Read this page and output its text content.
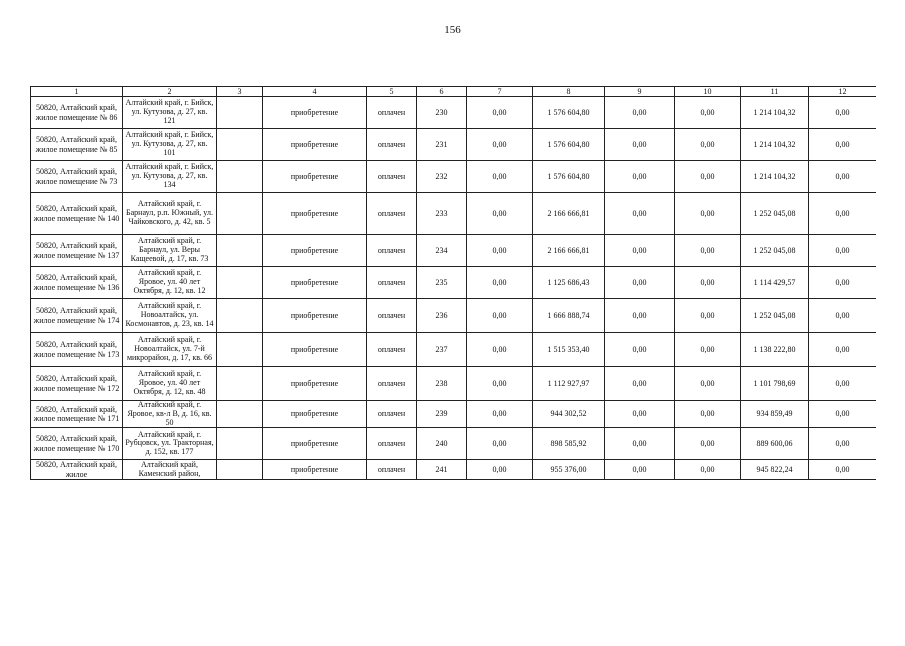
156
1	2	3	4	5	6	7	8	9	10	11	12
50820, Алтайский край, жилое помещение № 86	Алтайский край, г. Бийск, ул. Кутузова, д. 27, кв. 121		приобретение	оплачен	230	0,00	1 576 604,80	0,00	0,00	1 214 104,32	0,00
50820, Алтайский край, жилое помещение № 85	Алтайский край, г. Бийск, ул. Кутузова, д. 27, кв. 101		приобретение	оплачен	231	0,00	1 576 604,80	0,00	0,00	1 214 104,32	0,00
50820, Алтайский край, жилое помещение № 73	Алтайский край, г. Бийск, ул. Кутузова, д. 27, кв. 134		приобретение	оплачен	232	0,00	1 576 604,80	0,00	0,00	1 214 104,32	0,00
50820, Алтайский край, жилое помещение № 140	Алтайский край, г. Барнаул, р.п. Южный, ул. Чайковского, д. 42, кв. 5		приобретение	оплачен	233	0,00	2 166 666,81	0,00	0,00	1 252 045,08	0,00
50820, Алтайский край, жилое помещение № 137	Алтайский край, г. Барнаул, ул. Веры Кащеевой, д. 17, кв. 73		приобретение	оплачен	234	0,00	2 166 666,81	0,00	0,00	1 252 045,08	0,00
50820, Алтайский край, жилое помещение № 136	Алтайский край, г. Яровое, ул. 40 лет Октября, д. 12, кв. 12		приобретение	оплачен	235	0,00	1 125 686,43	0,00	0,00	1 114 429,57	0,00
50820, Алтайский край, жилое помещение № 174	Алтайский край, г. Новоалтайск, ул. Космонавтов, д. 23, кв. 14		приобретение	оплачен	236	0,00	1 666 888,74	0,00	0,00	1 252 045,08	0,00
50820, Алтайский край, жилое помещение № 173	Алтайский край, г. Новоалтайск, ул. 7-й микрорайон, д. 17, кв. 66		приобретение	оплачен	237	0,00	1 515 353,40	0,00	0,00	1 138 222,80	0,00
50820, Алтайский край, жилое помещение № 172	Алтайский край, г. Яровое, ул. 40 лет Октября, д. 12, кв. 48		приобретение	оплачен	238	0,00	1 112 927,97	0,00	0,00	1 101 798,69	0,00
50820, Алтайский край, жилое помещение № 171	Алтайский край, г. Яровое, кв-л В, д. 16, кв. 50		приобретение	оплачен	239	0,00	944 302,52	0,00	0,00	934 859,49	0,00
50820, Алтайский край, жилое помещение № 170	Алтайский край, г. Рубцовск, ул. Тракторная, д. 152, кв. 177		приобретение	оплачен	240	0,00	898 585,92	0,00	0,00	889 600,06	0,00
50820, Алтайский край, жилое	Алтайский край, Каменский район,		приобретение	оплачен	241	0,00	955 376,00	0,00	0,00	945 822,24	0,00
